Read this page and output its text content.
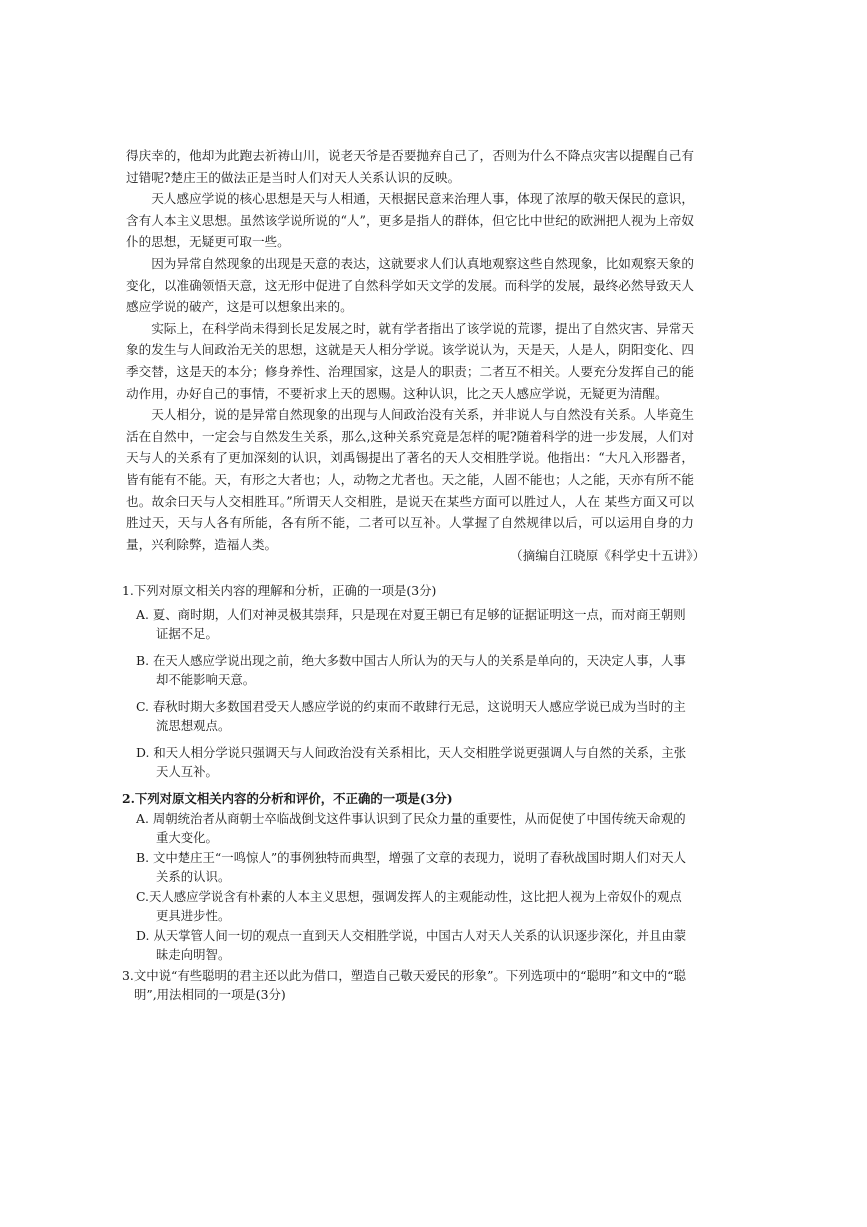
得庆幸的，他却为此跑去祈祷山川，说老天爷是否要抛弃自己了，否则为什么不降点灾害以提醒自己有过错呢?楚庄王的做法正是当时人们对天人关系认识的反映。

天人感应学说的核心思想是天与人相通，天根据民意来治理人事，体现了浓厚的敬天保民的意识，含有人本主义思想。虽然该学说所说的“人”，更多是指人的群体，但它比中世纪的欧洲把人视为上帝奴仆的思想，无疑更可取一些。

因为异常自然现象的出现是天意的表达，这就要求人们认真地观察这些自然现象，比如观察天象的变化，以准确领悟天意，这无形中促进了自然科学如天文学的发展。而科学的发展，最终必然导致天人感应学说的破产，这是可以想象出来的。

实际上，在科学尚未得到长足发展之时，就有学者指出了该学说的荒谬，提出了自然灾害、异常天象的发生与人间政治无关的思想，这就是天人相分学说。该学说认为，天是天，人是人，阴阳变化、四季交替，这是天的本分；修身养性、治理国家，这是人的职责；二者互不相关。人要充分发挥自己的能动作用，办好自己的事情，不要祈求上天的恩赐。这种认识，比之天人感应学说，无疑更为清醒。

天人相分，说的是异常自然现象的出现与人间政治没有关系，并非说人与自然没有关系。人毕竟生活在自然中，一定会与自然发生关系，那么,这种关系究竟是怎样的呢?随着科学的进一步发展，人们对天与人的关系有了更加深刻的认识，刘禹锡提出了著名的天人交相胜学说。他指出：“大凡入形器者，皆有能有不能。天，有形之大者也；人，动物之尤者也。天之能，人固不能也；人之能，天亦有所不能也。故余曰天与人交相胜耳。”所谓天人交相胜，是说天在某些方面可以胜过人，人在 某些方面又可以胜过天，天与人各有所能，各有所不能，二者可以互补。人掌握了自然规律以后，可以运用自身的力量，兴利除弊，造福人类。

（摘编自江晓原《科学史十五讲》）

1.下列对原文相关内容的理解和分析，正确的一项是(3分)

A. 夏、商时期，人们对神灵极其崇拜，只是现在对夏王朝已有足够的证据证明这一点，而对商王朝则证据不足。

B. 在天人感应学说出现之前，绝大多数中国古人所认为的天与人的关系是单向的，天决定人事，人事却不能影响天意。

C. 春秋时期大多数国君受天人感应学说的约束而不敢肆行无忌，这说明天人感应学说已成为当时的主流思想观点。

D. 和天人相分学说只强调天与人间政治没有关系相比，天人交相胜学说更强调人与自然的关系，主张天人互补。

2.下列对原文相关内容的分析和评价，不正确的一项是(3分)

A. 周朝统治者从商朝士卒临战倒戈这件事认识到了民众力量的重要性，从而促使了中国传统天命观的重大变化。

B. 文中楚庄王“一鸣惊人”的事例独特而典型，增强了文章的表现力，说明了春秋战国时期人们对天人关系的认识。

C.天人感应学说含有朴素的人本主义思想，强调发挥人的主观能动性，这比把人视为上帝奴仆的观点更具进步性。

D. 从天掌管人间一切的观点一直到天人交相胜学说，中国古人对天人关系的认识逐步深化，并且由蒙昧走向明智。

3.文中说“有些聪明的君主还以此为借口，塑造自己敬天爱民的形象”。下列选项中的“聪明”和文中的“聪明”,用法相同的一项是(3分)
